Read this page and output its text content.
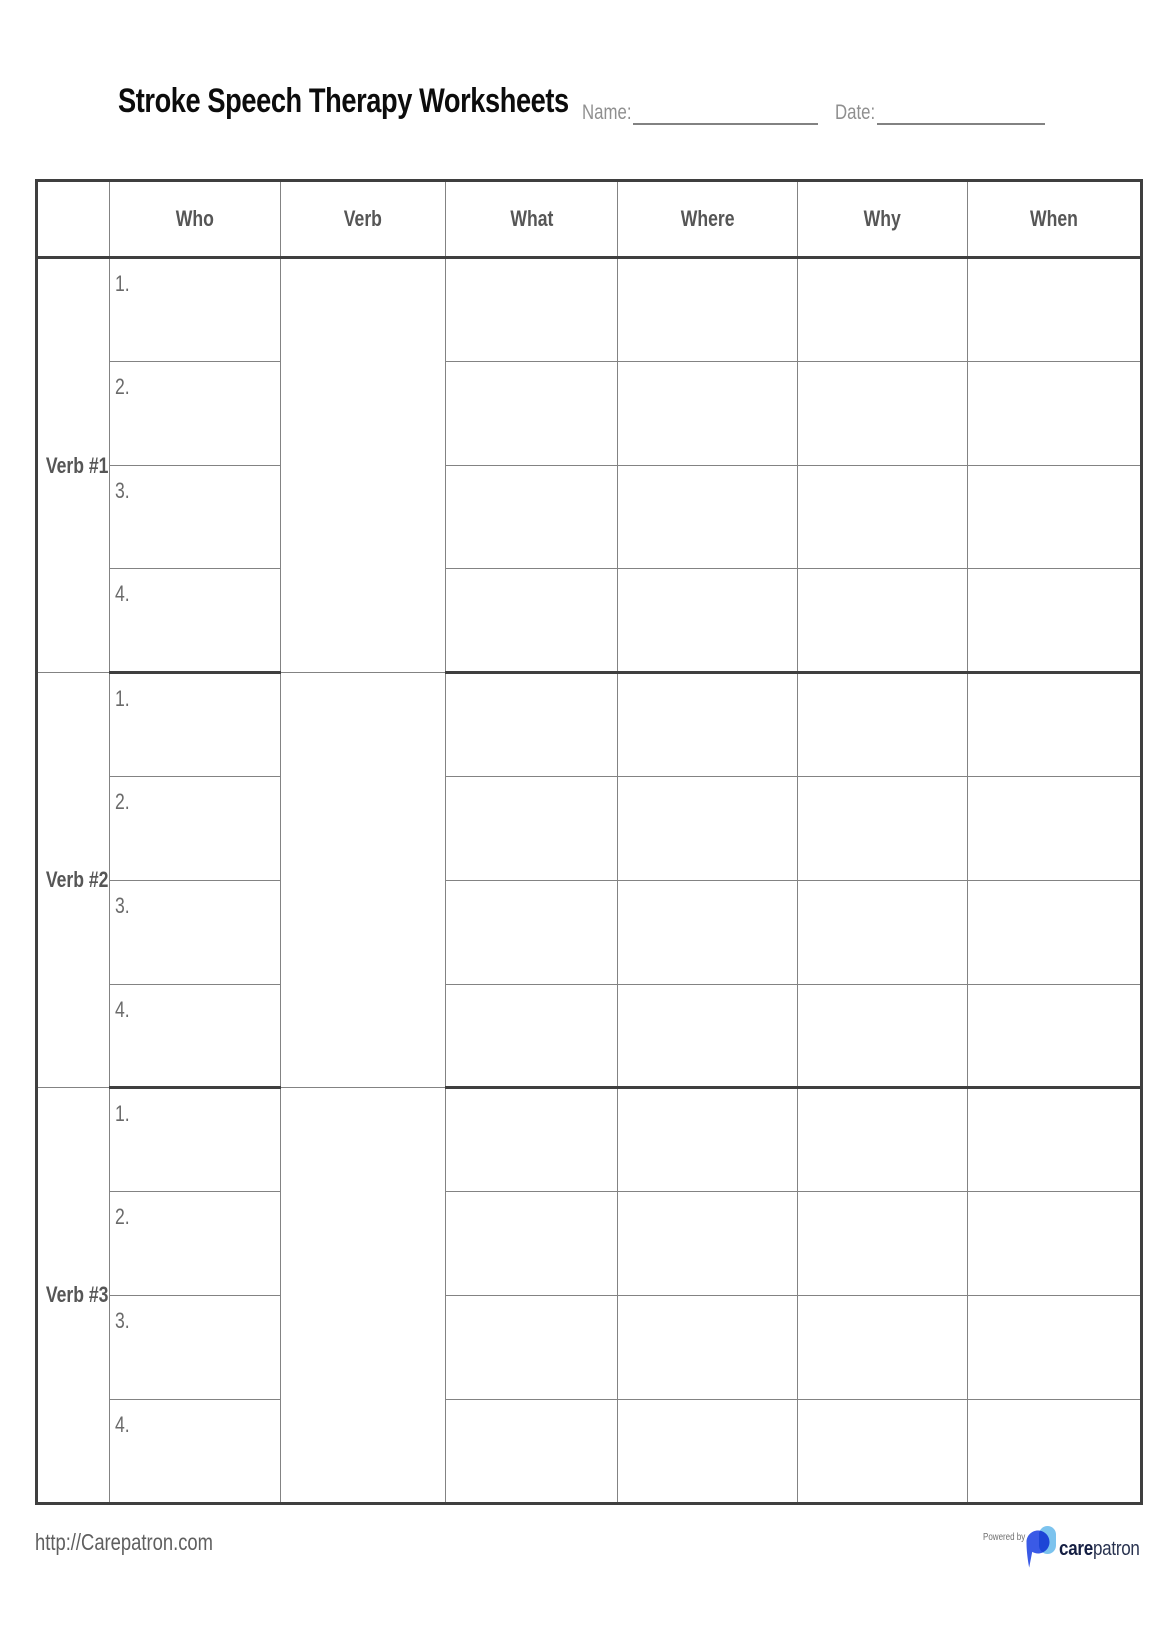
Stroke Speech Therapy Worksheets Name:	Date:
	Who	Verb	What	Where	Why	When
Verb #1	1.					
	2.					
	3.					
	4.					
Verb #2	1.					
	2.					
	3.					
	4.					
Verb #3	1.					
	2.					
	3.					
	4.					
http://Carepatron.com	Powered by
carepatron
